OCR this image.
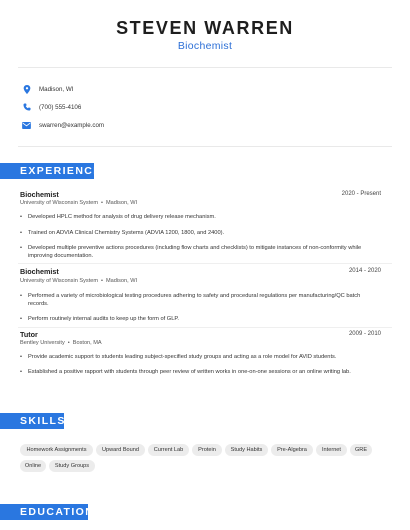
STEVEN WARREN
Biochemist
Madison, WI
(700) 555-4106
swarren@example.com
EXPERIENCE
Biochemist	2020 - Present
University of Wisconsin System • Madison, WI
• Developed HPLC method for analysis of drug delivery release mechanism.
• Trained on ADVIA Clinical Chemistry Systems (ADVIA 1200, 1800, and 2400).
• Developed multiple preventive actions procedures (including flow charts and checklists) to mitigate instances of non-conformity while improving documentation.
Biochemist	2014 - 2020
University of Wisconsin System • Madison, WI
• Performed a variety of microbiological testing procedures adhering to safety and procedural regulations per manufacturing/QC batch records.
• Perform routinely internal audits to keep up the form of GLP.
Tutor	2009 - 2010
Bentley University • Boston, MA
• Provide academic support to students leading subject-specified study groups and acting as a role model for AVID students.
• Established a positive rapport with students through peer review of written works in one-on-one sessions or an online writing lab.
SKILLS
Homework Assignments	Upward Bound	Current Lab	Protein	Study Habits	Pre-Algebra	Internet	GRE
Online	Study Groups
EDUCATION
